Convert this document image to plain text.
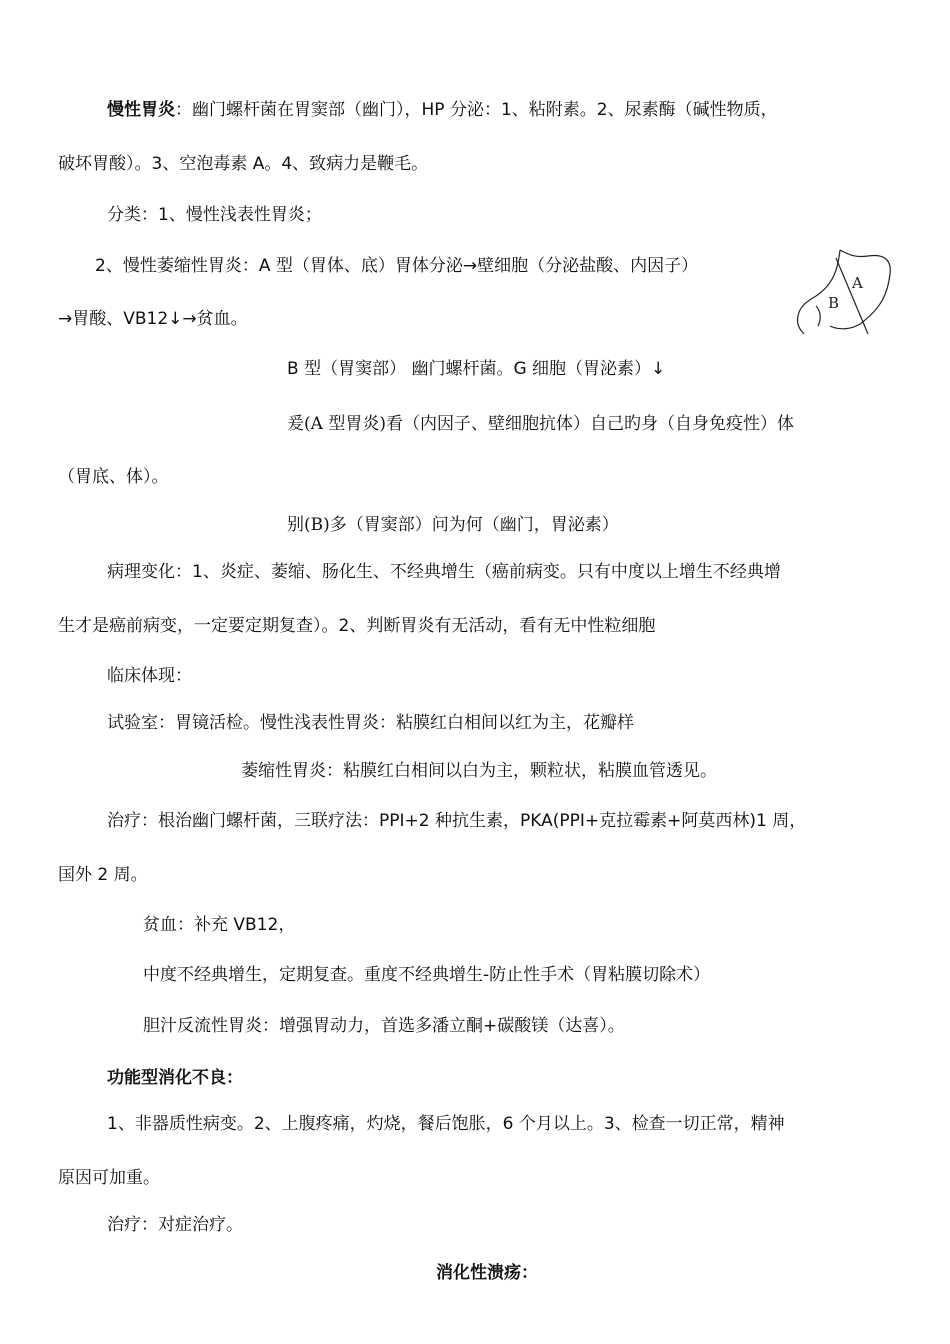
慢性胃炎：幽门螺杆菌在胃窦部（幽门），HP 分泌：1、粘附素。2、尿素酶（碱性物质，
破坏胃酸）。3、空泡毒素 A。4、致病力是鞭毛。
分类：1、慢性浅表性胃炎；
2、慢性萎缩性胃炎：A 型（胃体、底）胃体分泌→壁细胞（分泌盐酸、内因子）
→胃酸、VB12↓→贫血。
A
B
B 型（胃窦部） 幽门螺杆菌。G 细胞（胃泌素）↓
爰(A 型胃炎)看（内因子、壁细胞抗体）自己旳身（自身免疫性）体
（胃底、体）。
别(B)多（胃窦部）问为何（幽门，胃泌素）
病理变化：1、炎症、萎缩、肠化生、不经典增生（癌前病变。只有中度以上增生不经典增
生才是癌前病变，一定要定期复查）。2、判断胃炎有无活动，看有无中性粒细胞
临床体现：
试验室：胃镜活检。慢性浅表性胃炎：粘膜红白相间以红为主，花瓣样
萎缩性胃炎：粘膜红白相间以白为主，颗粒状，粘膜血管透见。
治疗：根治幽门螺杆菌，三联疗法：PPI+2 种抗生素，PKA(PPI+克拉霉素+阿莫西林)1 周，
国外 2 周。
贫血：补充 VB12，
中度不经典增生，定期复查。重度不经典增生-防止性手术（胃粘膜切除术）
胆汁反流性胃炎：增强胃动力，首选多潘立酮+碳酸镁（达喜）。
功能型消化不良：
1、非器质性病变。2、上腹疼痛，灼烧，餐后饱胀，6 个月以上。3、检查一切正常，精神
原因可加重。
治疗：对症治疗。
消化性溃疡：
